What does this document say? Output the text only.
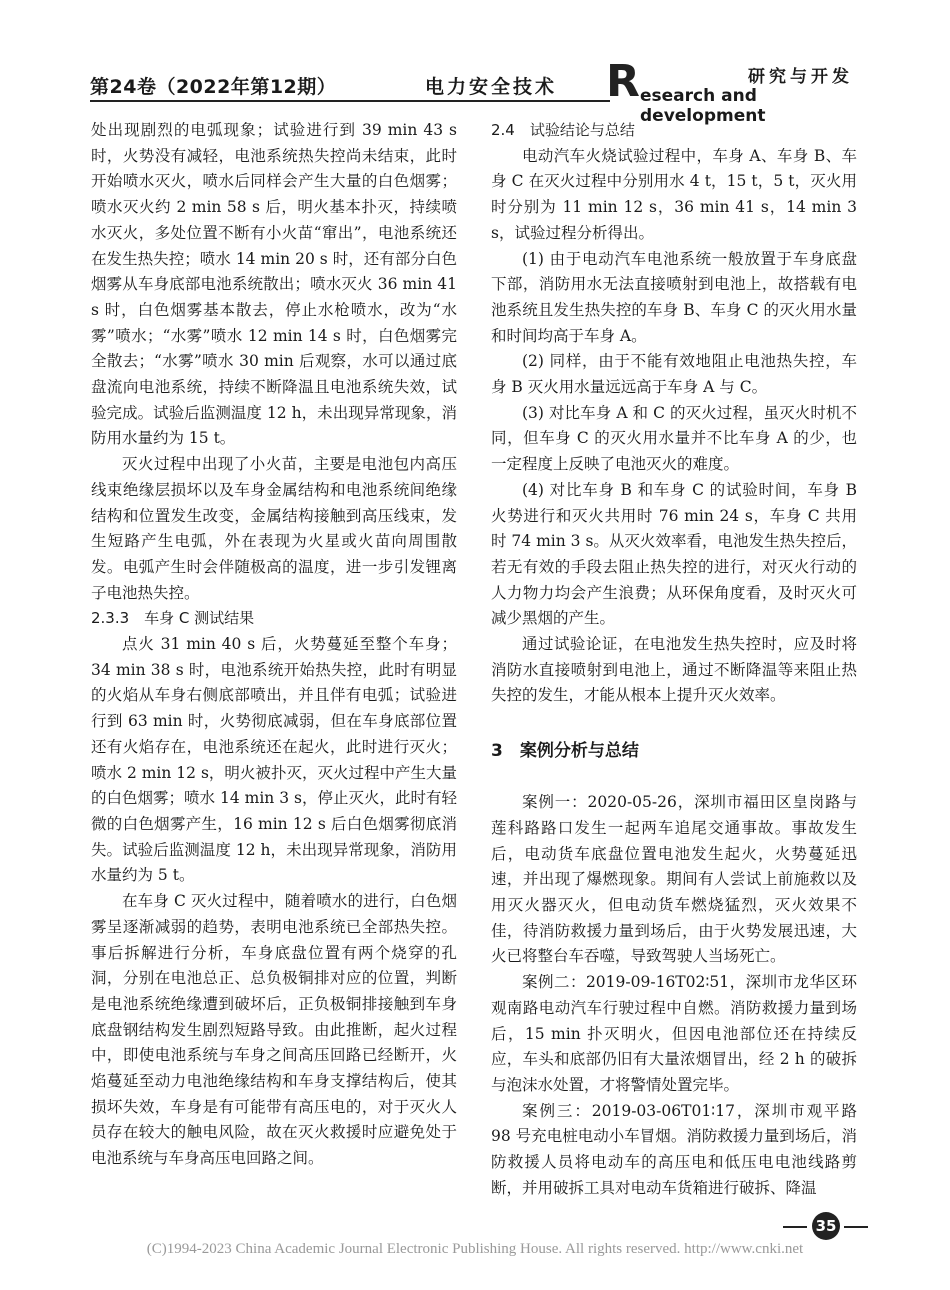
第24卷（2022年第12期）	电力安全技术 R	研究与开发
esearch and development

处出现剧烈的电弧现象；试验进行到 39 min 43 s 时，火势没有减轻，电池系统热失控尚未结束，此时开始喷水灭火，喷水后同样会产生大量的白色烟雾；喷水灭火约 2 min 58 s 后，明火基本扑灭，持续喷水灭火，多处位置不断有小火苗“窜出”，电池系统还在发生热失控；喷水 14 min 20 s 时，还有部分白色烟雾从车身底部电池系统散出；喷水灭火 36 min 41 s 时，白色烟雾基本散去，停止水枪喷水，改为“水雾”喷水；“水雾”喷水 12 min 14 s 时，白色烟雾完全散去；“水雾”喷水 30 min 后观察，水可以通过底盘流向电池系统，持续不断降温且电池系统失效，试验完成。试验后监测温度 12 h，未出现异常现象，消防用水量约为 15 t。

灭火过程中出现了小火苗，主要是电池包内高压线束绝缘层损坏以及车身金属结构和电池系统间绝缘结构和位置发生改变，金属结构接触到高压线束，发生短路产生电弧，外在表现为火星或火苗向周围散发。电弧产生时会伴随极高的温度，进一步引发锂离子电池热失控。

2.3.3　车身 C 测试结果

点火 31 min 40 s 后，火势蔓延至整个车身；34 min 38 s 时，电池系统开始热失控，此时有明显的火焰从车身右侧底部喷出，并且伴有电弧；试验进行到 63 min 时，火势彻底减弱，但在车身底部位置还有火焰存在，电池系统还在起火，此时进行灭火；喷水 2 min 12 s，明火被扑灭，灭火过程中产生大量的白色烟雾；喷水 14 min 3 s，停止灭火，此时有轻微的白色烟雾产生，16 min 12 s 后白色烟雾彻底消失。试验后监测温度 12 h，未出现异常现象，消防用水量约为 5 t。

在车身 C 灭火过程中，随着喷水的进行，白色烟雾呈逐渐减弱的趋势，表明电池系统已全部热失控。事后拆解进行分析，车身底盘位置有两个烧穿的孔洞，分别在电池总正、总负极铜排对应的位置，判断是电池系统绝缘遭到破坏后，正负极铜排接触到车身底盘钢结构发生剧烈短路导致。由此推断，起火过程中，即使电池系统与车身之间高压回路已经断开，火焰蔓延至动力电池绝缘结构和车身支撑结构后，使其损坏失效，车身是有可能带有高压电的，对于灭火人员存在较大的触电风险，故在灭火救援时应避免处于电池系统与车身高压电回路之间。

2.4　试验结论与总结

电动汽车火烧试验过程中，车身 A、车身 B、车身 C 在灭火过程中分别用水 4 t，15 t，5 t，灭火用时分别为 11 min 12 s，36 min 41 s，14 min 3 s，试验过程分析得出。

(1) 由于电动汽车电池系统一般放置于车身底盘下部，消防用水无法直接喷射到电池上，故搭载有电池系统且发生热失控的车身 B、车身 C 的灭火用水量和时间均高于车身 A。

(2) 同样，由于不能有效地阻止电池热失控，车身 B 灭火用水量远远高于车身 A 与 C。

(3) 对比车身 A 和 C 的灭火过程，虽灭火时机不同，但车身 C 的灭火用水量并不比车身 A 的少，也一定程度上反映了电池灭火的难度。

(4) 对比车身 B 和车身 C 的试验时间，车身 B 火势进行和灭火共用时 76 min 24 s，车身 C 共用时 74 min 3 s。从灭火效率看，电池发生热失控后，若无有效的手段去阻止热失控的进行，对灭火行动的人力物力均会产生浪费；从环保角度看，及时灭火可减少黑烟的产生。

通过试验论证，在电池发生热失控时，应及时将消防水直接喷射到电池上，通过不断降温等来阻止热失控的发生，才能从根本上提升灭火效率。

3　案例分析与总结

案例一：2020-05-26，深圳市福田区皇岗路与莲科路路口发生一起两车追尾交通事故。事故发生后，电动货车底盘位置电池发生起火，火势蔓延迅速，并出现了爆燃现象。期间有人尝试上前施救以及用灭火器灭火，但电动货车燃烧猛烈，灭火效果不佳，待消防救援力量到场后，由于火势发展迅速，大火已将整台车吞噬，导致驾驶人当场死亡。

案例二：2019-09-16T02∶51，深圳市龙华区环观南路电动汽车行驶过程中自燃。消防救援力量到场后，15 min 扑灭明火，但因电池部位还在持续反应，车头和底部仍旧有大量浓烟冒出，经 2 h 的破拆与泡沫水处置，才将警情处置完毕。

案例三：2019-03-06T01∶17，深圳市观平路 98 号充电桩电动小车冒烟。消防救援力量到场后，消防救援人员将电动车的高压电和低压电电池线路剪断，并用破拆工具对电动车货箱进行破拆、降温

35
(C)1994-2023 China Academic Journal Electronic Publishing House. All rights reserved. http://www.cnki.net
